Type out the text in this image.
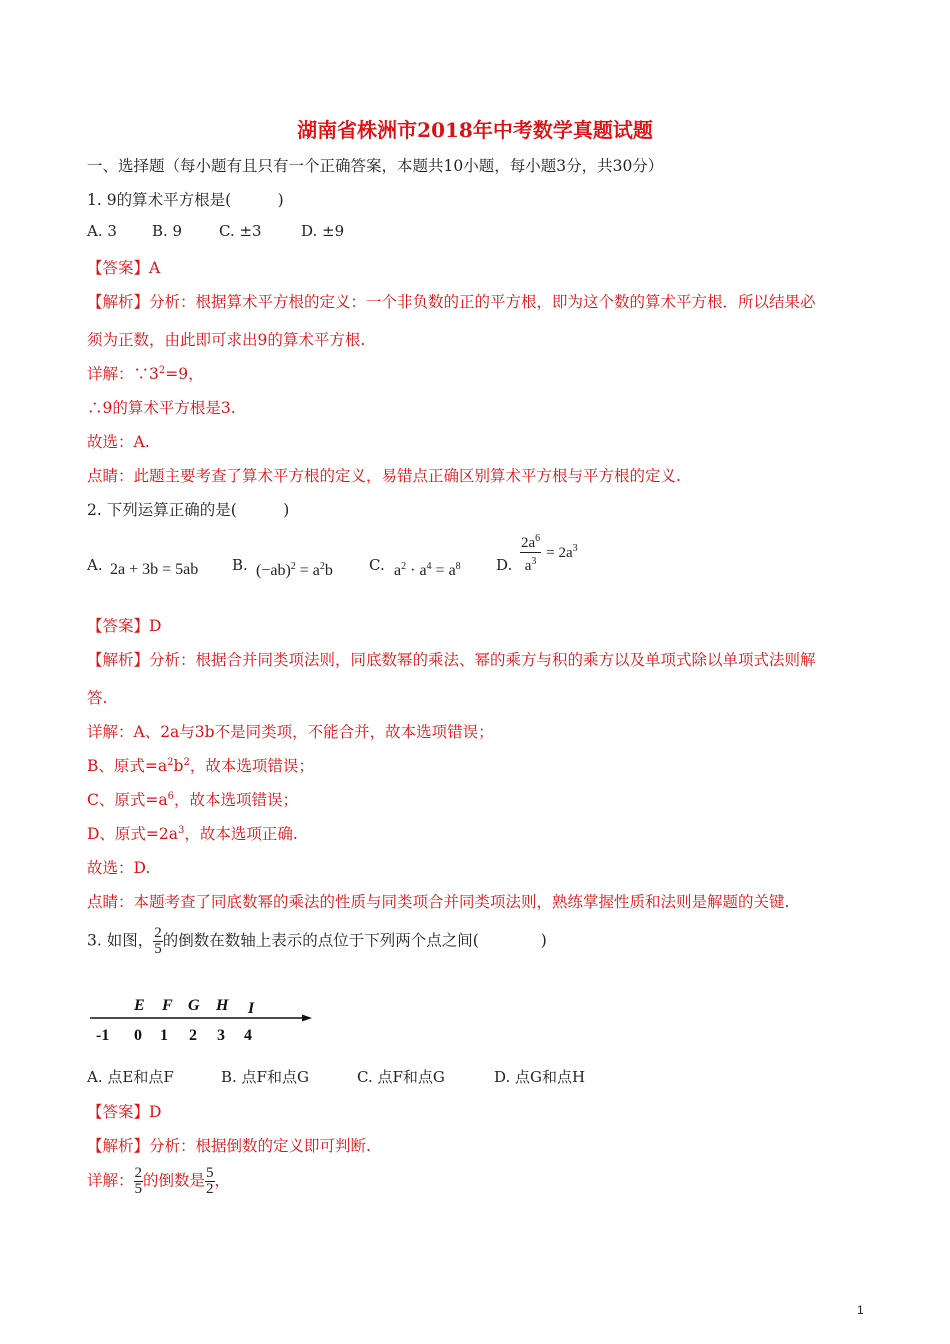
湖南省株洲市2018年中考数学真题试题
一、选择题（每小题有且只有一个正确答案，本题共10小题，每小题3分，共30分）
1. 9的算术平方根是(　　　)
A. 3 B. 9 C. ±3	D. ±9
【答案】A
【解析】分析：根据算术平方根的定义：一个非负数的正的平方根，即为这个数的算术平方根．所以结果必
须为正数，由此即可求出9的算术平方根.
详解：$\because 3^2=9$，
∴9的算术平方根是3.
故选：A.
点睛：此题主要考查了算术平方根的定义，易错点正确区别算术平方根与平方根的定义.
2. 下列运算正确的是(　　　)
A. 2a + 3b = 5ab B. $(-ab)^2 = a^2b$ C. $a^2 \cdot a^4 = a^8$ D. $\frac{2a^6}{a^3} = 2a^3$
【答案】D
【解析】分析：根据合并同类项法则，同底数幂的乘法、幂的乘方与积的乘方以及单项式除以单项式法则解
答.
详解：A、2a与3b不是同类项，不能合并，故本选项错误；
B、原式$=a^2b^2$，故本选项错误；
C、原式$=a^6$，故本选项错误；
D、原式$=2a^3$，故本选项正确.
故选：D.
点睛：本题考查了同底数幂的乘法的性质与同类项合并同类项法则，熟练掌握性质和法则是解题的关键.
3. 如图， $\frac{2}{5}$ 的倒数在数轴上表示的点位于下列两个点之间(　　　　)
E F G H I
-1 0 1 2 3 4
A. 点E和点F	B. 点F和点G	C. 点F和点G	D. 点G和点H
【答案】D
【解析】分析：根据倒数的定义即可判断.
详解： $\frac{2}{5}$ 的倒数是 $\frac{5}{2}$ ，
1
